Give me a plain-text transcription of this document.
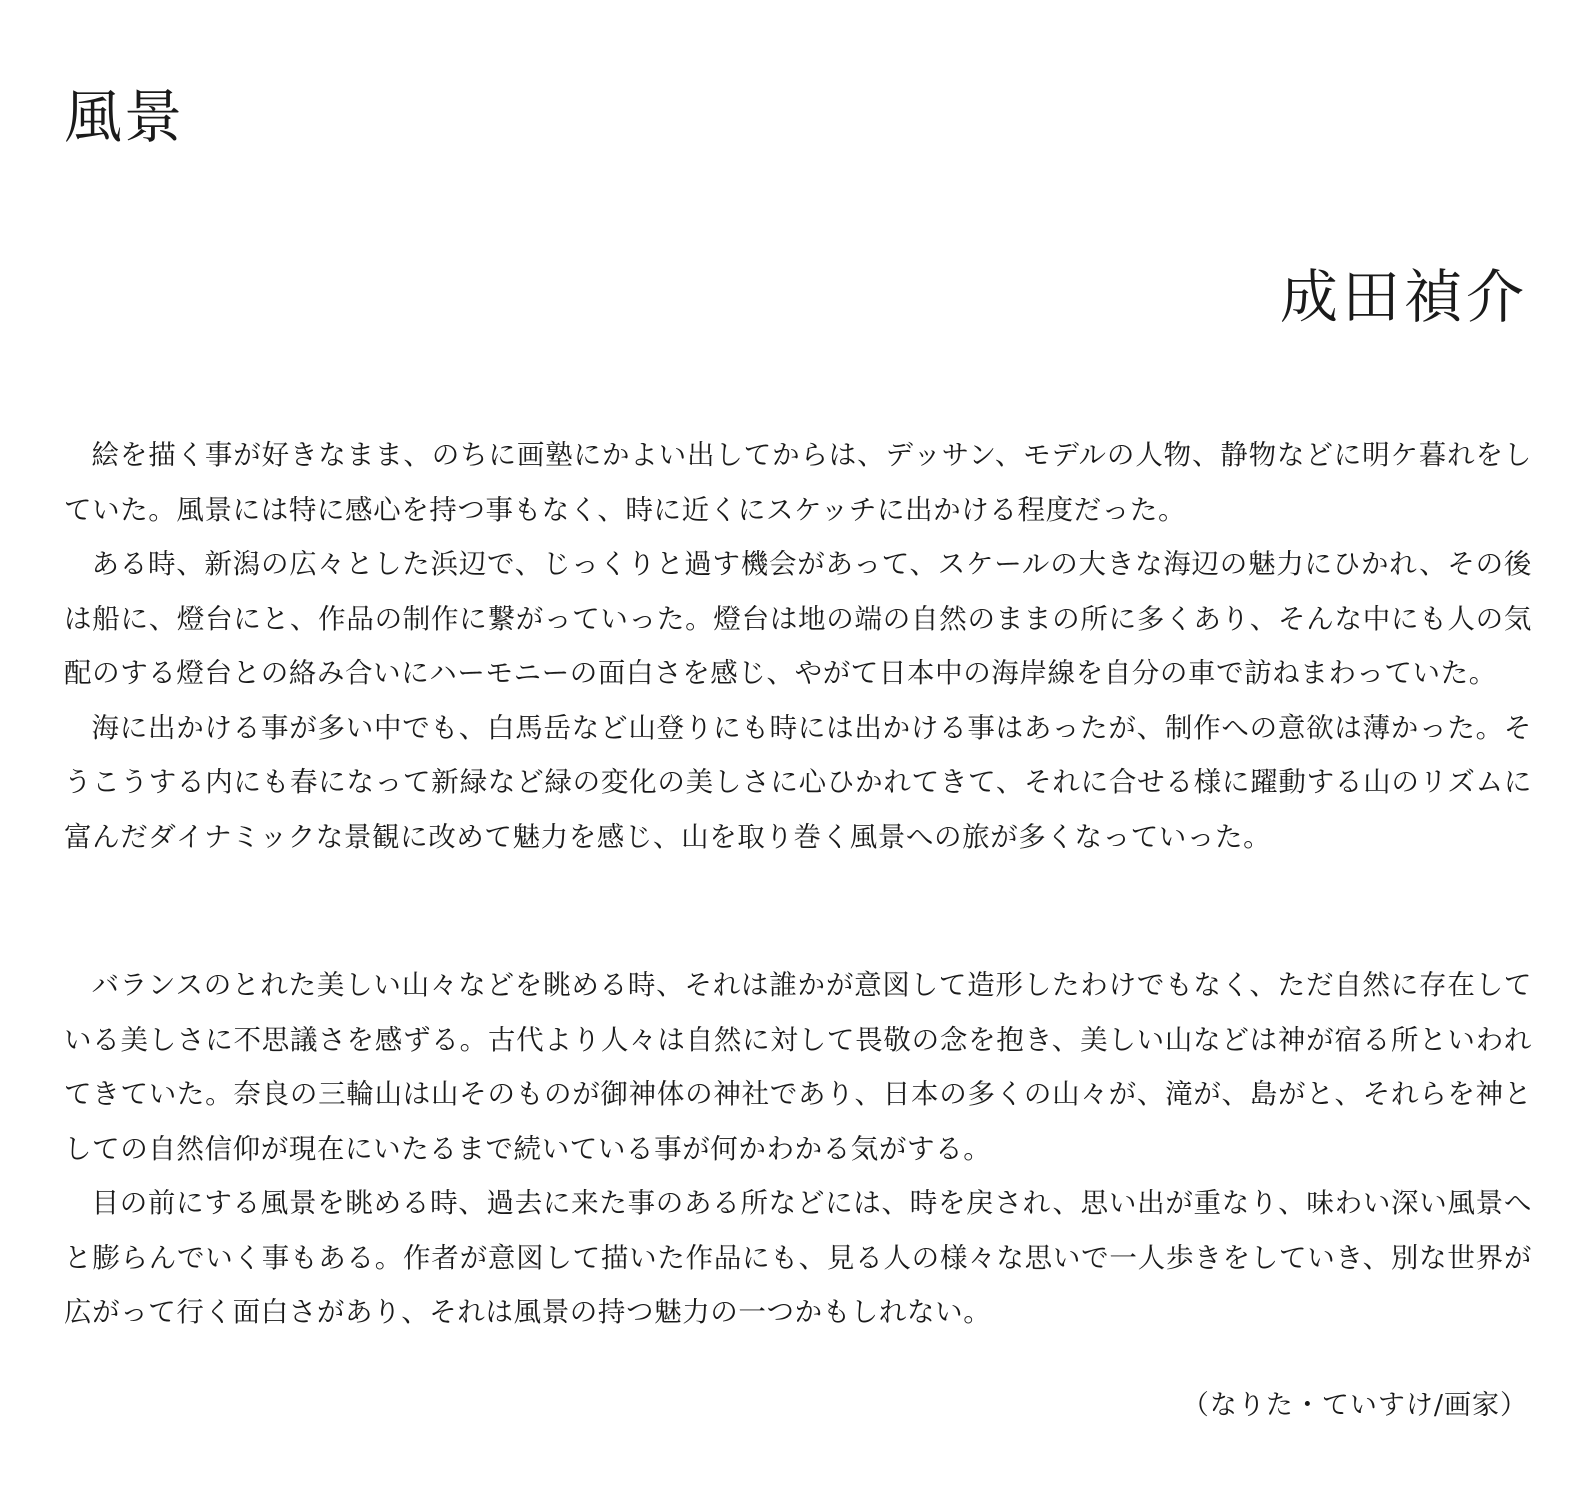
風景
成田禎介

絵を描く事が好きなまま、のちに画塾にかよい出してからは、デッサン、モデルの人物、静物などに明ケ暮れをしていた。風景には特に感心を持つ事もなく、時に近くにスケッチに出かける程度だった。

ある時、新潟の広々とした浜辺で、じっくりと過す機会があって、スケールの大きな海辺の魅力にひかれ、その後は船に、燈台にと、作品の制作に繋がっていった。燈台は地の端の自然のままの所に多くあり、そんな中にも人の気配のする燈台との絡み合いにハーモニーの面白さを感じ、やがて日本中の海岸線を自分の車で訪ねまわっていた。

海に出かける事が多い中でも、白馬岳など山登りにも時には出かける事はあったが、制作への意欲は薄かった。そうこうする内にも春になって新緑など緑の変化の美しさに心ひかれてきて、それに合せる様に躍動する山のリズムに富んだダイナミックな景観に改めて魅力を感じ、山を取り巻く風景への旅が多くなっていった。

バランスのとれた美しい山々などを眺める時、それは誰かが意図して造形したわけでもなく、ただ自然に存在している美しさに不思議さを感ずる。古代より人々は自然に対して畏敬の念を抱き、美しい山などは神が宿る所といわれてきていた。奈良の三輪山は山そのものが御神体の神社であり、日本の多くの山々が、滝が、島がと、それらを神としての自然信仰が現在にいたるまで続いている事が何かわかる気がする。

目の前にする風景を眺める時、過去に来た事のある所などには、時を戻され、思い出が重なり、味わい深い風景へと膨らんでいく事もある。作者が意図して描いた作品にも、見る人の様々な思いで一人歩きをしていき、別な世界が広がって行く面白さがあり、それは風景の持つ魅力の一つかもしれない。

（なりた・ていすけ/画家）
